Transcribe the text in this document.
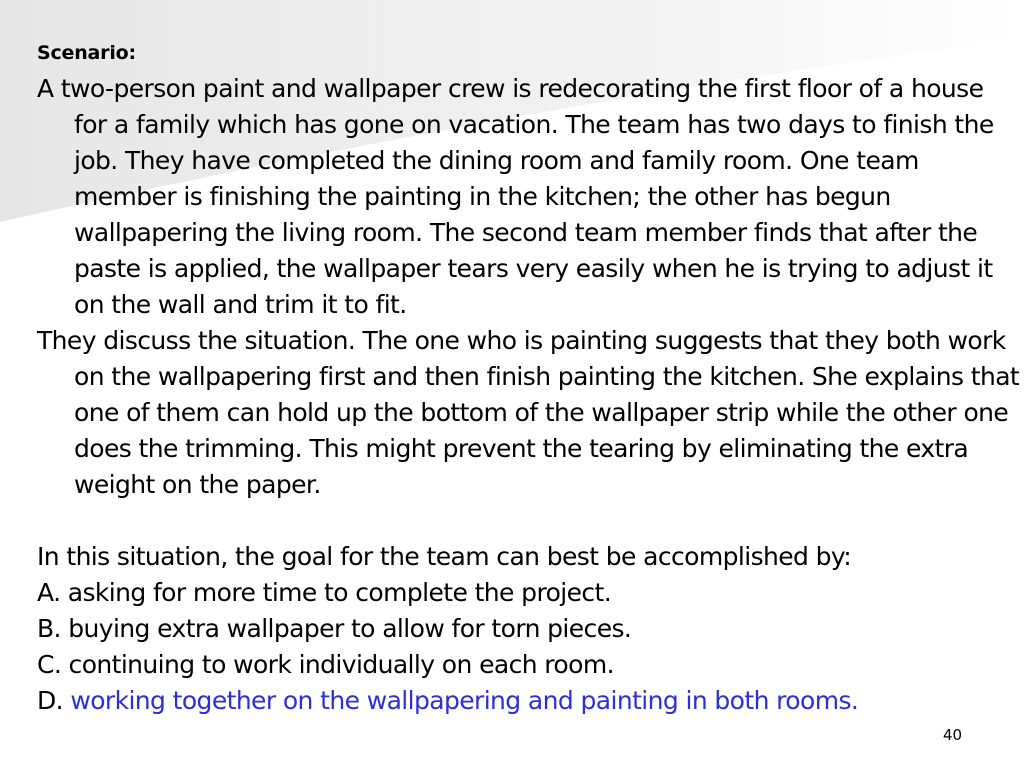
Scenario:

A two-person paint and wallpaper crew is redecorating the first floor of a house for a family which has gone on vacation. The team has two days to finish the job. They have completed the dining room and family room. One team member is finishing the painting in the kitchen; the other has begun wallpapering the living room. The second team member finds that after the paste is applied, the wallpaper tears very easily when he is trying to adjust it on the wall and trim it to fit.

They discuss the situation. The one who is painting suggests that they both work on the wallpapering first and then finish painting the kitchen. She explains that one of them can hold up the bottom of the wallpaper strip while the other one does the trimming. This might prevent the tearing by eliminating the extra weight on the paper.

In this situation, the goal for the team can best be accomplished by:

A. asking for more time to complete the project.

B. buying extra wallpaper to allow for torn pieces.

C. continuing to work individually on each room.

D. working together on the wallpapering and painting in both rooms.

40
